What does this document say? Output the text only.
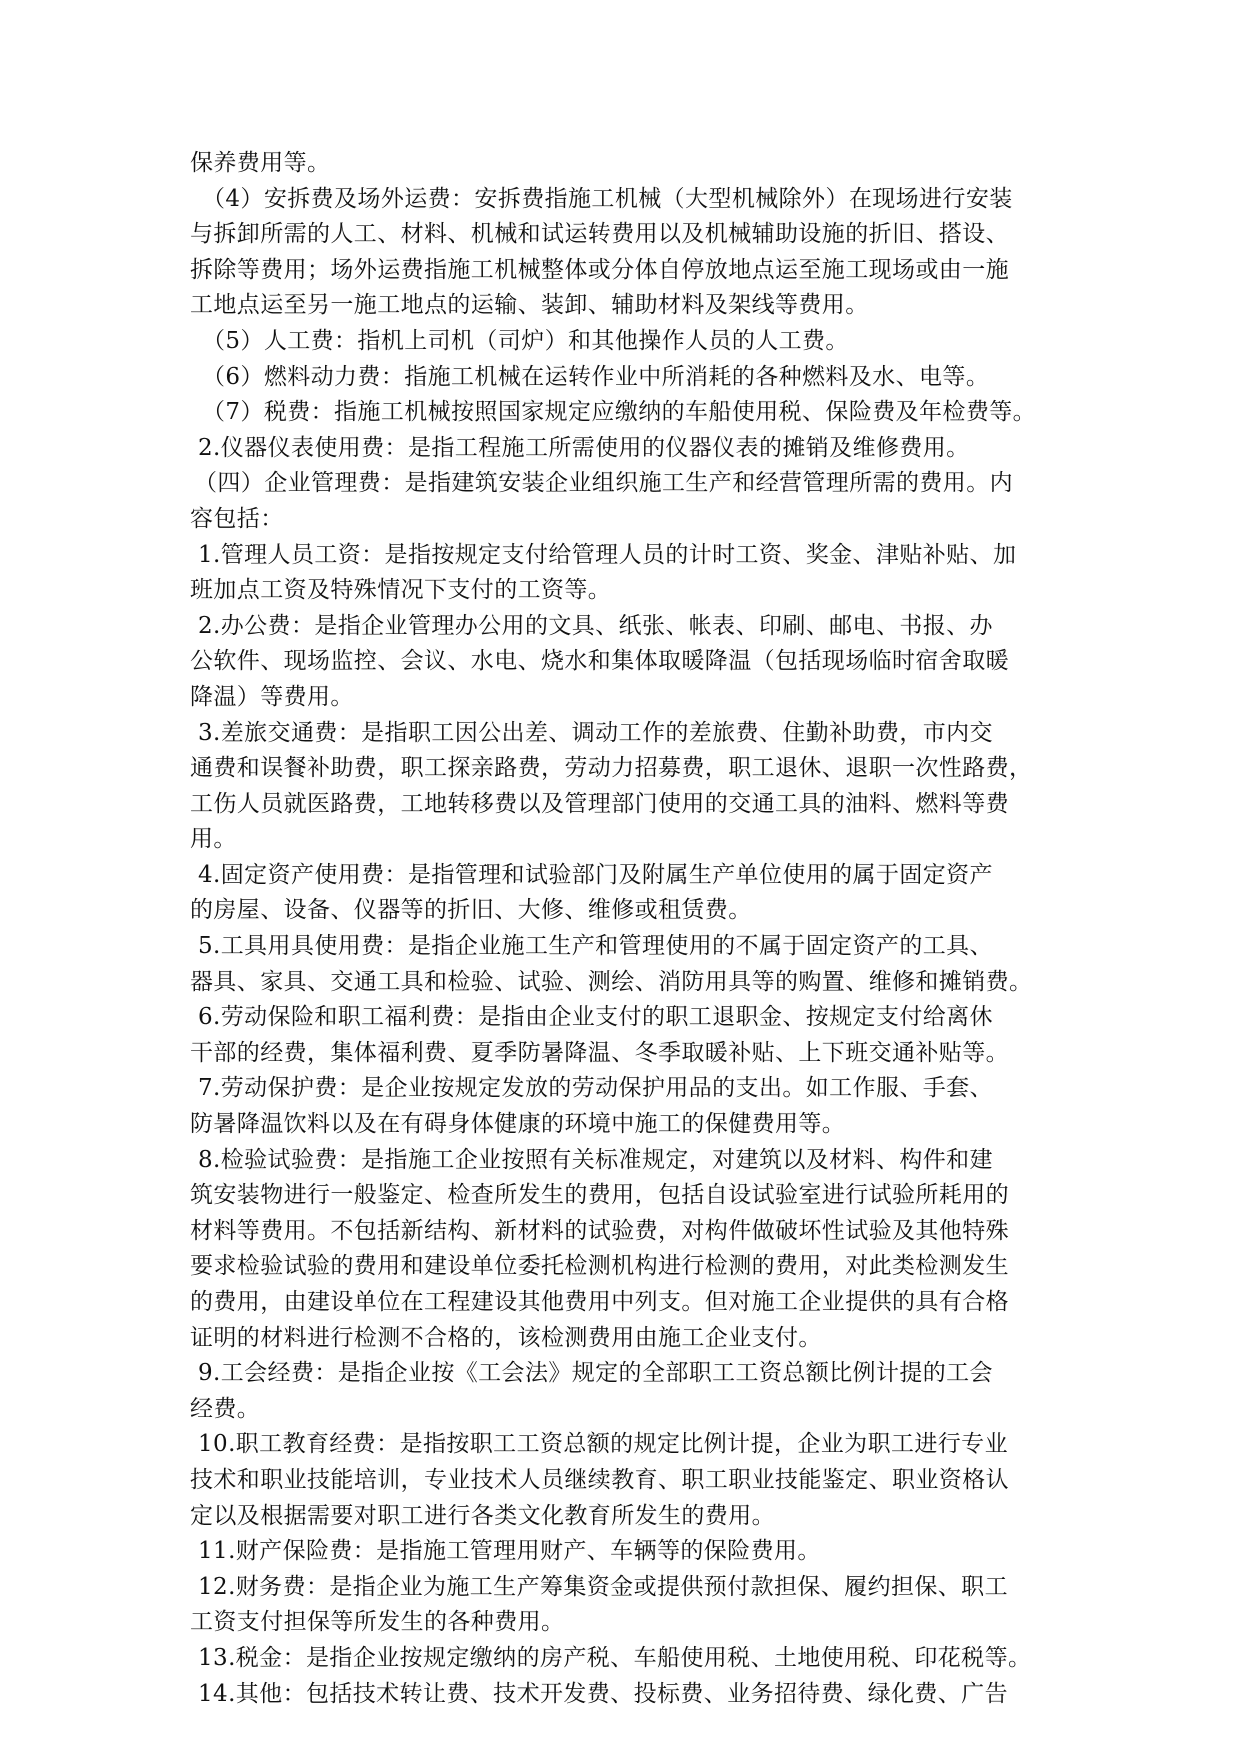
保养费用等。
（4）安拆费及场外运费：安拆费指施工机械（大型机械除外）在现场进行安装
与拆卸所需的人工、材料、机械和试运转费用以及机械辅助设施的折旧、搭设、
拆除等费用；场外运费指施工机械整体或分体自停放地点运至施工现场或由一施
工地点运至另一施工地点的运输、装卸、辅助材料及架线等费用。
（5）人工费：指机上司机（司炉）和其他操作人员的人工费。
（6）燃料动力费：指施工机械在运转作业中所消耗的各种燃料及水、电等。
（7）税费：指施工机械按照国家规定应缴纳的车船使用税、保险费及年检费等。
2.仪器仪表使用费：是指工程施工所需使用的仪器仪表的摊销及维修费用。
（四）企业管理费：是指建筑安装企业组织施工生产和经营管理所需的费用。内
容包括：
1.管理人员工资：是指按规定支付给管理人员的计时工资、奖金、津贴补贴、加
班加点工资及特殊情况下支付的工资等。
2.办公费：是指企业管理办公用的文具、纸张、帐表、印刷、邮电、书报、办
公软件、现场监控、会议、水电、烧水和集体取暖降温（包括现场临时宿舍取暖
降温）等费用。
3.差旅交通费：是指职工因公出差、调动工作的差旅费、住勤补助费，市内交
通费和误餐补助费，职工探亲路费，劳动力招募费，职工退休、退职一次性路费，
工伤人员就医路费，工地转移费以及管理部门使用的交通工具的油料、燃料等费
用。
4.固定资产使用费：是指管理和试验部门及附属生产单位使用的属于固定资产
的房屋、设备、仪器等的折旧、大修、维修或租赁费。
5.工具用具使用费：是指企业施工生产和管理使用的不属于固定资产的工具、
器具、家具、交通工具和检验、试验、测绘、消防用具等的购置、维修和摊销费。
6.劳动保险和职工福利费：是指由企业支付的职工退职金、按规定支付给离休
干部的经费，集体福利费、夏季防暑降温、冬季取暖补贴、上下班交通补贴等。
7.劳动保护费：是企业按规定发放的劳动保护用品的支出。如工作服、手套、
防暑降温饮料以及在有碍身体健康的环境中施工的保健费用等。
8.检验试验费：是指施工企业按照有关标准规定，对建筑以及材料、构件和建
筑安装物进行一般鉴定、检查所发生的费用，包括自设试验室进行试验所耗用的
材料等费用。不包括新结构、新材料的试验费，对构件做破坏性试验及其他特殊
要求检验试验的费用和建设单位委托检测机构进行检测的费用，对此类检测发生
的费用，由建设单位在工程建设其他费用中列支。但对施工企业提供的具有合格
证明的材料进行检测不合格的，该检测费用由施工企业支付。
9.工会经费：是指企业按《工会法》规定的全部职工工资总额比例计提的工会
经费。
10.职工教育经费：是指按职工工资总额的规定比例计提，企业为职工进行专业
技术和职业技能培训，专业技术人员继续教育、职工职业技能鉴定、职业资格认
定以及根据需要对职工进行各类文化教育所发生的费用。
11.财产保险费：是指施工管理用财产、车辆等的保险费用。
12.财务费：是指企业为施工生产筹集资金或提供预付款担保、履约担保、职工
工资支付担保等所发生的各种费用。
13.税金：是指企业按规定缴纳的房产税、车船使用税、土地使用税、印花税等。
14.其他：包括技术转让费、技术开发费、投标费、业务招待费、绿化费、广告
